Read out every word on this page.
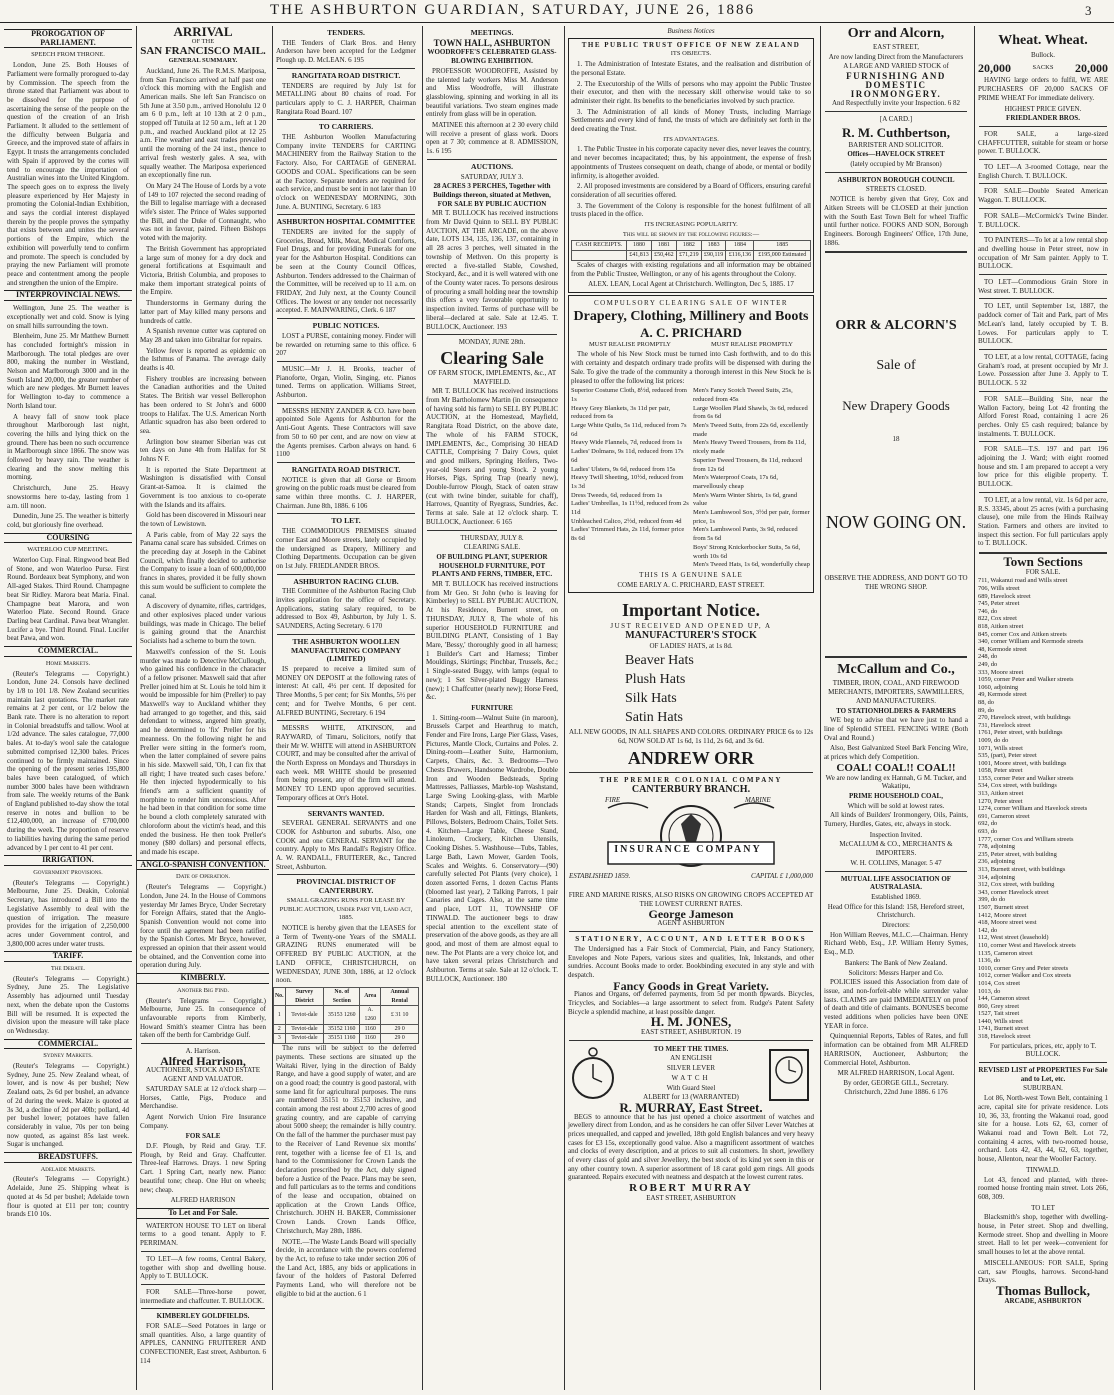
THE ASHBURTON GUARDIAN, SATURDAY, JUNE 26, 1886	3
PROROGATION OF PARLIAMENT.
SPEECH FROM THRONE.

London, June 25. Both Houses of Parliament were formally prorogued to-day by Commission. The speech from the throne stated that Parliament was about to be dissolved for the purpose of ascertaining the sense of the people on the question of the creation of an Irish Parliament. It alluded to the settlement of the difficulty between Bulgaria and Greece, and the improved state of affairs in Egypt. It trusts the arrangements concluded with Spain if approved by the cortes will tend to encourage the importation of Australian wines into the United Kingdom. The speech goes on to express the lively pleasure experienced by Her Majesty in promoting the Colonial-Indian Exhibition, and says the cordial interest displayed therein by the people proves the sympathy that exists between and unites the several portions of the Empire, which the exhibition will powerfully tend to confirm and promote. The speech is concluded by praying the new Parliament will promote peace and contentment among the people and strengthen the union of the Empire.

INTERPROVINCIAL NEWS.

Wellington, June 25. The weather is exceptionally wet and cold. Snow is lying on small hills surrounding the town.

Blenheim, June 25. Mr Matthew Burnett has concluded fortnight's mission in Marlborough. The total pledges are over 800, making the number in Westland, Nelson and Marlborough 3000 and in the South Island 20,000, the greater number of which are new pledges. Mr Burnett leaves for Wellington to-day to commence a North Island tour.

A heavy fall of snow took place throughout Marlborough last night, covering the hills and lying thick on the ground. There has been no such occurrence in Marlborough since 1866. The snow was followed by heavy rain. The weather is clearing and the snow melting this morning.

Christchurch, June 25. Heavy snowstorms here to-day, lasting from 1 a.m. till noon.

Dunedin, June 25. The weather is bitterly cold, but gloriously fine overhead.

COURSING
WATERLOO CUP MEETING.

Waterloo Cup. Final. Ringwood beat Bed of Stone, and won Waterloo Purse. First Round. Bordeaux beat Symphony, and won All-aged Stakes. Third Round. Champagne beat Sir Ridley. Marora beat Maria. Final. Champagne beat Marora, and won Waterloo Plate. Second Round. Grace Darling beat Cardinal. Pawa beat Wrangler. Lucifer a bye. Third Round. Final. Lucifer beat Pawa, and won.

COMMERCIAL.
Home Markets.

(Reuter's Telegrams — Copyright.) London, June 24. Consols have declined by 1/8 to 101 1/8. New Zealand securities maintain last quotations. The market rate remains at 2 per cent, or 1/2 below the Bank rate. There is no alteration to report in Colonial breadstuffs and tallow. Wool at 1/2d advance. The sales catalogue, 77,000 bales. At to-day's wool sale the catalogue submitted comprised 12,300 bales. Prices continued to be firmly maintained. Since the opening of the present series 195,800 bales have been catalogued, of which number 3000 bales have been withdrawn from sale. The weekly returns of the Bank of England published to-day show the total reserve in notes and bullion to be £12,400,000, an increase of £700,000 during the week. The proportion of reserve to liabilities having during the same period advanced by 1 per cent to 41 per cent.

IRRIGATION.
Government Provisions.

(Reuter's Telegrams — Copyright.) Melbourne, June 25. Deakin, Colonial Secretary, has introduced a Bill into the Legislative Assembly to deal with the question of irrigation. The measure provides for the irrigation of 2,250,000 acres under Government control, and 3,800,000 acres under water trusts.

TARIFF.
The Debate.

(Reuter's Telegrams — Copyright.) Sydney, June 25. The Legislative Assembly has adjourned until Tuesday next, when the debate upon the Customs Bill will be resumed. It is expected the division upon the measure will take place on Wednesday.

COMMERCIAL.
Sydney Markets.

(Reuter's Telegrams — Copyright.) Sydney, June 25. New Zealand wheat, of lower, and is now 4s per bushel; New Zealand oats, 2s 6d per bushel, an advance of 2d during the week. Maize is quoted at 3s 3d, a decline of 2d per 40lb; pollard, 4d per bushel lower; potatoes have fallen considerably in value, 70s per ton being now quoted, as against 85s last week. Sugar is unchanged.

BREADSTUFFS.
Adelaide Markets.

(Reuter's Telegrams — Copyright.) Adelaide, June 25. Shipping wheat is quoted at 4s 5d per bushel; Adelaide town flour is quoted at £11 per ton; country brands £10 10s.

ARRIVAL
OF THE
SAN FRANCISCO MAIL.
GENERAL SUMMARY.

Auckland, June 26. The R.M.S. Mariposa, from San Francisco arrived at half past one o'clock this morning with the English and American mails. She left San Francisco on 5th June at 3.50 p.m., arrived Honolulu 12 0 am 6 0 p.m., left at 10 13th at 2 0 p.m., stopped off Tutuila at 12 50 a.m., left at 1 20 p.m., and reached Auckland pilot at 12 25 a.m. Fine weather and east trades prevailed until the morning of the 24 inst., thence to arrival fresh westerly gales. A sea, with squally weather. The Mariposa experienced an exceptionally fine run.

On Mary 24 The House of Lords by a vote of 149 to 107 rejected the second reading of the Bill to legalise marriage with a deceased wife's sister. The Prince of Wales supported the Bill, and the Duke of Connaught, who was not in favour, paired. Fifteen Bishops voted with the majority.

The British Government has appropriated a large sum of money for a dry dock and general fortifications at Esquimault and Victoria, British Columbia, and proposes to make them important strategical points of the Empire.

Thunderstorms in Germany during the latter part of May killed many persons and hundreds of cattle.

A Spanish revenue cutter was captured on May 28 and taken into Gibraltar for repairs.

Yellow fever is reported as epidemic on the Isthmus of Panama. The average daily deaths is 40.

Fishery troubles are increasing between the Canadian authorities and the United States. The British war vessel Bellerophon has been ordered to St John's and 6000 troops to Halifax. The U.S. American North Atlantic squadron has also been ordered to sea.

Arlington bow steamer Siberian was cut ten days on June 4th from Halifax for St Johns N F.

It is reported the State Department at Washington is dissatisfied with Consul Grant-at-Samoa. It is claimed the Government is too anxious to co-operate with the Islands and its affairs.

Gold has been discovered in Missouri near the town of Lewistown.

A Paris cable, from of May 22 says the Panama canal scare has subsided. Crimes on the preceding day at Joseph in the Cabinet Council, which finally decided to authorise the Company to issue a loan of 600,000,000 francs in shares, provided it be fully shown this sum would be sufficient to complete the canal.

A discovery of dynamite, rifles, cartridges, and other explosives placed under various buildings, was made in Chicago. The belief is gaining ground that the Anarchist Socialists had a scheme to burn the town.

Maxwell's confession of the St. Louis murder was made to Detective McCullough, who gained his confidence in the character of a fellow prisoner. Maxwell said that after Preller joined him at St. Louis he told him it would be impossible for him (Preller) to pay Maxwell's way to Auckland whither they had arranged to go together, and this, said defendant to witness, angered him greatly, and he determined to 'fix' Preller for his meanness. On the following night he and Preller were sitting in the former's room, when the latter complained of severe pains in his side. Maxwell said, 'Oh, I can fix that all right; I have treated such cases before.' He then injected hypodermically to his friend's arm a sufficient quantity of morphine to render him unconscious. After he had been in that condition for some time he bound a cloth completely saturated with chloroform about the victim's head, and this ended the business. He then took Preller's money ($80 dollars) and personal effects, and made his escape.

ANGLO-SPANISH CONVENTION.
Date of Operation.

(Reuter's Telegrams — Copyright.) London, June 24. In the House of Commons yesterday Mr James Bryce, Under Secretary for Foreign Affairs, stated that the Anglo-Spanish Convention would not come into force until the agreement had been ratified by the Spanish Cortes. Mr Bryce, however, expressed an opinion that their assent would be obtained, and the Convention come into operation during July.

KIMBERLY.
Another Big Find.

(Reuter's Telegrams — Copyright.) Melbourne, June 25. In consequence of unfavourable reports from Kimberly, Howard Smith's steamer Cintra has been taken off the berth for Cambridge Gulf.

A. Harrison.
Alfred Harrison,
AUCTIONEER, STOCK AND ESTATE AGENT AND VALUATOR.

SATURDAY SALE at 12 o'clock sharp —Horses, Cattle, Pigs, Produce and Merchandise.

Agent Norwich Union Fire Insurance Company.

FOR SALE

D.F. Plough, by Reid and Gray. T.F. Plough, by Reid and Gray. Chaffcutter. Three-leaf Harrows. Drays. 1 new Spring Cart. 1 Spring Cart, nearly new. Piano: beautiful tone; cheap. One Hut on wheels; new; cheap.

ALFRED HARRISON
To Let and For Sale.

WATERTON HOUSE TO LET on liberal terms to a good tenant. Apply to F. PERRIMAN.

TO LET—A few rooms, Central Bakery, together with shop and dwelling house. Apply to T. BULLOCK.

FOR SALE—Three-horse power, intermediate and chaffcutter. T. BULLOCK.

KIMBERLEY GOLDFIELDS.

FOR SALE—Seed Potatoes in large or small quantities. Also, a large quantity of APPLES, CANNING FRUITERER AND CONFECTIONER, East street, Ashburton. 6 114

TENDERS.

THE Tenders of Clark Bros. and Henry Anderson have been accepted for the Ledgmer Plough up. D. McLEAN. 6 195

RANGITATA ROAD DISTRICT.

TENDERS are required by July 1st for METALLING about 80 chains of road. For particulars apply to C. J. HARPER, Chairman Rangitata Road Board. 107

TO CARRIERS.

THE Ashburton Woollen Manufacturing Company invite TENDERS for CARTING MACHINERY from the Railway Station to the Factory. Also, For CARTAGE of GENERAL GOODS and COAL. Specifications can be seen at the Factory. Separate tenders are required for each service, and must be sent in not later than 10 o'clock on WEDNESDAY MORNING, 30th June. A. BUNTING, Secretary. 6 183

ASHBURTON HOSPITAL COMMITTEE

TENDERS are invited for the supply of Groceries, Bread, Milk, Meat, Medical Comforts, Fuel Drugs, and for providing Funerals for one year for the Ashburton Hospital. Conditions can be seen at the County Council Offices, Ashburton. Tenders addressed to the Chairman of the Committee, will be received up to 11 a.m. on FRIDAY, 2nd July next, at the County Council Offices. The lowest or any tender not necessarily accepted. F. MAINWARING, Clerk. 6 187

PUBLIC NOTICES.

LOST a PURSE, containing money. Finder will be rewarded on returning same to this office. 6 207

MUSIC—Mr J. H. Brooks, teacher of Pianoforte, Organ, Violin, Singing, etc. Pianos tuned. Terms on application. Williams Street, Ashburton.

MESSRS HENRY ZANDER & CO. have been appointed Sole Agents for Ashburton for the Anti-Gout Agents. These Contractors will save from 50 to 60 per cent, and are now on view at the Agents premises. Carbon always on hand. 6 1100

RANGITATA ROAD DISTRICT.

NOTICE is given that all Gorse or Broom growing on the public roads must be cleared from same within three months. C. J. HARPER, Chairman. June 8th, 1886. 6 106

TO LET.

THE COMMODIOUS PREMISES situated corner East and Moore streets, lately occupied by the undersigned as Drapery, Millinery and Clothing Departments. Occupation can be given on 1st July. FRIEDLANDER BROS.

ASHBURTON RACING CLUB.

THE Committee of the Ashburton Racing Club invites application for the office of Secretary. Applications, stating salary required, to be addressed to Box 49, Ashburton, by July 1. S. SAUNDERS, Acting Secretary. 6 170

THE ASHBURTON WOOLLEN MANUFACTURING COMPANY (LIMITED)

IS prepared to receive a limited sum of MONEY ON DEPOSIT at the following rates of interest: At call, 4½ per cent. If deposited for Three Months, 5 per cent; for Six Months, 5½ per cent; and for Twelve Months, 6 per cent. ALFRED BUNTING, Secretary. 6 194

MESSRS WHITE, ATKINSON, and RAYWARD, of Timaru, Solicitors, notify that their Mr W. WHITE will attend in ASHBURTON COURT, and may be consulted after the arrival of the North Express on Mondays and Thursdays in each week. MR WHITE should be presented from being present, any of the firm will attend. MONEY TO LEND upon approved securities. Temporary offices at Orr's Hotel.

SERVANTS WANTED.

SEVERAL GENERAL SERVANTS and one COOK for Ashburton and suburbs. Also, one COOK and one GENERAL SERVANT for the country. Apply to Mrs Randall's Registry Office. A. W. RANDALL, FRUITERER, &c., Tancred Street, Ashburton.

PROVINCIAL DISTRICT OF CANTERBURY.
SMALL GRAZING RUNS FOR LEASE BY PUBLIC AUCTION, Under Part VII, Land Act, 1885.

NOTICE is hereby given that the LEASES for a Term of Twenty-one Years of the SMALL GRAZING RUNS enumerated will be OFFERED BY PUBLIC AUCTION, at the LAND OFFICE, CHRISTCHURCH, on WEDNESDAY, JUNE 30th, 1886, at 12 o'clock noon.

No.	Survey District	No. of Section	Area	Annual Rental
1	Teviot-dale	35153 1260	A. 1260	£ 31 10
2	Teviot-dale	35152 1160	1160	29 0
3	Teviot-dale	35151 1160	1160	29 0

The runs will be subject to the deferred payments. These sections are situated up the Waitaki River, lying in the direction of Baldy Range, and have a good supply of water, and are on a good road; the country is good pastoral, with some land fit for agricultural purposes. The runs are numbered 35151 to 35153 inclusive, and contain among the rest about 2,700 acres of good grazing country, and are capable of carrying about 5000 sheep; the remainder is hilly country. On the fall of the hammer the purchaser must pay to the Receiver of Land Revenue six months' rent, together with a license fee of £1 1s, and hand to the Commissioner for Crown Lands the declaration prescribed by the Act, duly signed before a Justice of the Peace. Plans may be seen, and full particulars as to the terms and conditions of the lease and occupation, obtained on application at the Crown Lands Office, Christchurch. JOHN H. BAKER, Commissioner Crown Lands. Crown Lands Office, Christchurch, May 28th, 1886.

NOTE.—The Waste Lands Board will specially decide, in accordance with the powers conferred by the Act, to refuse to take under section 206 of the Land Act, 1885, any bids or applications in favour of the holders of Pastoral Deferred Payments Land, who will therefore not be eligible to bid at the auction. 6 1

MEETINGS.
TOWN HALL, ASHBURTON
WOODROFFE'S CELEBRATED GLASS-BLOWING EXHIBITION.

PROFESSOR WOODROFFE, Assisted by the talented lady workers Miss M. Anderson and Miss Woodroffe, will illustrate glassblowing, spinning and working in all its beautiful variations. Two steam engines made entirely from glass will be in operation.

MATINEE this afternoon at 2 30 every child will receive a present of glass work. Doors open at 7 30; commence at 8. ADMISSION, 1s. 6 195

AUCTIONS.
SATURDAY, JULY 3.
28 ACRES 3 PERCHES, Together with Buildings thereon, situated at Methven, FOR SALE BY PUBLIC AUCTION

MR T. BULLOCK has received instructions from Mr David Quinn to SELL BY PUBLIC AUCTION, AT THE ARCADE, on the above date, LOTS 134, 135, 136, 137, containing in all 28 acres 3 perches, well situated in the township of Methven. On this property is erected a five-stalled Stable, Cowshed, Stockyard, &c., and it is well watered with one of the County water races. To persons desirous of procuring a small holding near the township this offers a very favourable opportunity to inspection invited. Terms of purchase will be liberal—declared at sale. Sale at 12.45. T. BULLOCK, Auctioneer. 193

MONDAY, JUNE 28th.
Clearing Sale
OF FARM STOCK, IMPLEMENTS, &c., AT MAYFIELD.

MR T. BULLOCK has received instructions from Mr Bartholomew Martin (in consequence of having sold his farm) to SELL BY PUBLIC AUCTION, at the Homestead, Mayfield, Rangitata Road District, on the above date, The whole of his FARM STOCK, IMPLEMENTS, &c., Comprising 30 HEAD CATTLE, Comprising 7 Dairy Cows, quiet and good milkers, Springing Heifers, Two-year-old Steers and young Stock. 2 young Horses, Pigs, Spring Trap (nearly new), Double-furrow Plough, Stack of oaten straw (cut with twine binder, suitable for chaff), Harrows, Quantity of Ryegrass, Sundries, &c. Terms at sale. Sale at 12 o'clock sharp. T. BULLOCK, Auctioneer. 6 165

THURSDAY, JULY 8.
CLEARING SALE.
OF BUILDING PLANT, SUPERIOR HOUSEHOLD FURNITURE, POT PLANTS AND FERNS, TIMBER, ETC.

MR T. BULLOCK has received instructions from Mr Geo. St John (who is leaving for Kimberley) to SELL BY PUBLIC AUCTION, At his Residence, Burnett street, on THURSDAY, JULY 8, The whole of his superior HOUSEHOLD FURNITURE and BUILDING PLANT, Consisting of 1 Bay Mare, 'Bessy,' thoroughly good in all harness; 1 Builder's Cart and Harness; Timber Mouldings, Skirtings; Pinchbar, Trussels, &c.; 1 Single-seated Buggy, with lamps (equal to new); 1 Set Silver-plated Buggy Harness (new); 1 Chaffcutter (nearly new); Horse Feed, &c.

FURNITURE

1. Sitting-room—Walnut Suite (in maroon), Brussels Carpet and Hearthrug to match, Fender and Fire Irons, Large Pier Glass, Vases, Pictures, Mantle Clock, Curtains and Poles. 2. Dining-room—Leather Suite, Harmonium, Carpets, Chairs, &c. 3. Bedrooms—Two Chests Drawers, Handsome Wardrobe, Double Iron and Wooden Bedsteads, Spring Mattresses, Palliasses, Marble-top Washstand, Large Swing Looking-glass, with Marble Stands; Carpets, Singlet from Ironclads Harden for Wash and all, Fittings, Blankets, Pillows, Bolsters, Bedroom Chairs, Toilet Sets. 4. Kitchen—Large Table, Cheese Stand, Linoleum, Crockery, Kitchen Utensils, Cooking Dishes. 5. Washhouse—Tubs, Tables, Large Bath, Lawn Mower, Garden Tools, Scales and Weights. 6. Conservatory—(90) carefully selected Pot Plants (very choice), 1 dozen assorted Ferns, 1 dozen Cactus Plants (bloomed last year), 2 Talking Parrots, 1 pair Canaries and Cages. Also, at the same time and place, LOT 11, TOWNSHIP OF TINWALD. The auctioneer begs to draw special attention to the excellent state of preservation of the above goods, as they are all good, and most of them are almost equal to new. The Pot Plants are a very choice lot, and have taken several prizes Christchurch and Ashburton. Terms at sale. Sale at 12 o'clock. T. BULLOCK, Auctioneer. 180

Business Notices
THE PUBLIC TRUST OFFICE OF NEW ZEALAND
ITS OBJECTS.

1. The Administration of Intestate Estates, and the realisation and distribution of the personal Estate.

2. The Executorship of the Wills of persons who may appoint the Public Trustee their executor, and then with the necessary skill otherwise would take to so administer their right. Its benefits to the beneficiaries involved by such practice.

3. The Administration of all kinds of Money Trusts, including Marriage Settlements and every kind of fund, the trusts of which are definitely set forth in the deed creating the Trust.

ITS ADVANTAGES.

1. The Public Trustee in his corporate capacity never dies, never leaves the country, and never becomes incapacitated; thus, by his appointment, the expense of fresh appointments of Trustees consequent on death, change of abode, or mental or bodily infirmity, is altogether avoided.

2. All proposed investments are considered by a Board of Officers, ensuring careful consideration of all securities offered.

3. The Government of the Colony is responsible for the honest fulfilment of all trusts placed in the office.

ITS INCREASING POPULARITY.
This will be shown by the following figures:—
CASH RECEIPTS.	1880	1881	1882	1883	1884	1885
	£41,813	£50,462	£71,219	£90,119	£116,136	£195,000 Estimated

Scales of charges with existing regulations and all information may be obtained from the Public Trustee, Wellington, or any of his agents throughout the Colony.

ALEX. LEAN, Local Agent at Christchurch. Wellington, Dec 5, 1885. 17
COMPULSORY CLEARING SALE OF WINTER
Drapery, Clothing, Millinery and Boots
A. C. PRICHARD
MUST REALISE PROMPTLY	MUST REALISE PROMPTLY

The whole of his New Stock must be turned into Cash forthwith, and to do this with certainty and despatch ordinary trade profits will be dispensed with during the Sale. To give the trade of the community a thorough interest in this New Stock he is pleased to offer the following list prices:

Superior Costume Cloth, 8½d, reduced from 1s
Heavy Grey Blankets, 3s 11d per pair, reduced from 6s
Large White Quilts, 5s 11d, reduced from 7s 6d
Heavy Wide Flannels, 7d, reduced from 1s
Ladies' Dolmans, 9s 11d, reduced from 17s 6d
Ladies' Ulsters, 9s 6d, reduced from 15s
Heavy Twill Sheeting, 10½d, reduced from 1s 3d
Dress Tweeds, 6d, reduced from 1s
Ladies' Umbrellas, 1s 11½d, reduced from 2s 11d
Unbleached Calico, 2½d, reduced from 4d
Ladies' Trimmed Hats, 2s 11d, former price 8s 6d
Men's Fancy Scotch Tweed Suits, 25s, reduced from 45s
Large Woollen Plaid Shawls, 3s 6d, reduced from 6s 6d
Men's Tweed Suits, from 22s 6d, excellently made
Men's Heavy Tweed Trousers, from 8s 11d, nicely made
Superior Tweed Trousers, 8s 11d, reduced from 12s 6d
Men's Waterproof Coats, 17s 6d, marvellously cheap
Men's Warm Winter Shirts, 1s 6d, grand value
Men's Lambswool Sox, 3½d per pair, former price, 1s
Men's Lambswool Pants, 3s 9d, reduced from 5s 6d
Boys' Strong Knickerbocker Suits, 5s 6d, worth 10s 6d
Men's Tweed Hats, 1s 6d, wonderfully cheap
THIS IS A GENUINE SALE
COME EARLY A. C. PRICHARD, EAST STREET.
Important Notice.
JUST RECEIVED AND OPENED UP, A
MANUFACTURER'S STOCK
OF LADIES' HATS, at 1s 8d.
Beaver Hats
Plush Hats
Silk Hats
Satin Hats
ALL NEW GOODS, IN ALL SHAPES AND COLORS. ORDINARY PRICE 6s to 12s 6d, NOW SOLD AT 1s 6d, 1s 11d, 2s 6d, and 3s 6d.
ANDREW ORR
THE PREMIER COLONIAL COMPANY
CANTERBURY BRANCH.
FIRE	MARINE
INSURANCE COMPANY
ESTABLISHED 1859.	CAPITAL £ 1,000,000
FIRE AND MARINE RISKS, ALSO RISKS ON GROWING CROPS ACCEPTED AT THE LOWEST CURRENT RATES.
George Jameson
AGENT ASHBURTON
STATIONERY, ACCOUNT, AND LETTER BOOKS

The Undersigned has a Fair Stock of Commercial, Plain, and Fancy Stationery, Envelopes and Note Papers, various sizes and qualities, Ink, Inkstands, and other sundries. Account Books made to order. Bookbinding executed in any style and with despatch.

Fancy Goods in Great Variety.

Pianos and Organs, on deferred payments, from 5d per month upwards. Bicycles, Tricycles, and Sociables—a large assortment to select from. Rudge's Patent Safety Bicycle a splendid machine, at least possible danger.

H. M. JONES,
EAST STREET, ASHBURTON. 19
TO MEET THE TIMES.
AN ENGLISH
SILVER LEVER
WATCH
With Guard Steel
ALBERT for 13 (WARRANTED)
R. MURRAY, East Street.

BEGS to announce that he has just opened a choice assortment of watches and jewellery direct from London, and as he considers he can offer Silver Lever Watches at prices unequalled, and capped and jewelled, 18th gold English balances and very heavy cases for £3 15s, exceptionally good value. Also a magnificent assortment of watches and clocks of every description, and at prices to suit all customers. In short, jewellery of every class of gold and silver Jewellery, the best stock of its kind yet seen in this or any other country town. A superior assortment of 18 carat gold gem rings. All goods guaranteed. Repairs executed with neatness and despatch at the lowest current rates.

ROBERT MURRAY
EAST STREET, ASHBURTON
Orr and Alcorn,
EAST STREET,
Are now landing Direct from the Manufacturers
A LARGE AND VARIED STOCK of
FURNISHING AND DOMESTIC IRONMONGERY.
And Respectfully invite your Inspection. 6 82
[A CARD.]
R. M. Cuthbertson,
BARRISTER AND SOLICITOR.
Offices—HAVELOCK STREET
(lately occupied by Mr Branson)
ASHBURTON BOROUGH COUNCIL
STREETS CLOSED.

NOTICE is hereby given that Grey, Cox and Aitken Streets will be CLOSED at their junction with the South East Town Belt for wheel Traffic until further notice. FOOKS AND SON, Borough Engineers. Borough Engineers' Office, 17th June, 1886.

ORR & ALCORN'S
Sale of
New Drapery Goods
18
NOW GOING ON.
OBSERVE THE ADDRESS, AND DON'T GO TO THE WRONG SHOP.
McCallum and Co.,
TIMBER, IRON, COAL, AND FIREWOOD MERCHANTS, IMPORTERS, SAWMILLERS, AND MANUFACTURERS.
TO STATIONHOLDERS & FARMERS

WE beg to advise that we have just to hand a line of Splendid STEEL FENCING WIRE (Both Oval and Round.)

Also, Best Galvanized Steel Bark Fencing Wire, at prices which defy Competition.

COAL! COAL!! COAL!!
We are now landing ex Hannah, G M. Tucker, and Wakatipu,
PRIME HOUSEHOLD COAL,
Which will be sold at lowest rates.

All kinds of Builders' Ironmongery, Oils, Paints, Turnery, Hurdles, Gates, etc, always in stock.

Inspection Invited.
McCALLUM & CO., MERCHANTS & IMPORTERS.
W. H. COLLINS, Manager. 5 47
MUTUAL LIFE ASSOCIATION OF AUSTRALASIA.
Established 1869.
Head Office for this Island: 158, Hereford street, Christchurch.
Directors:

Hon William Reeves, M.L.C.—Chairman. Henry Richard Webb, Esq., J.P. William Henry Symes, Esq., M.D.

Bankers: The Bank of New Zealand.
Solicitors: Messrs Harper and Co.

POLICIES issued this Association from date of issue, and non-forfeit-able while surrender value lasts. CLAIMS are paid IMMEDIATELY on proof of death and title of claimants. BONUSES become vested additions when policies have been ONE YEAR in force.

Quinquennial Reports, Tables of Rates, and full information can be obtained from MR ALFRED HARRISON, Auctioneer, Ashburton; the Commercial Hotel, Ashburton.

MR ALFRED HARRISON, Local Agent.
By order, GEORGE GILL, Secretary. Christchurch, 22nd June 1886. 6 176
Wheat. Wheat.
Bullock.
20,000	SACKS 20,000

HAVING large orders to fulfil, WE ARE PURCHASERS OF 20,000 SACKS OF PRIME WHEAT For immediate delivery.

HIGHEST PRICE GIVEN.
FRIEDLANDER BROS.

FOR SALE, a large-sized CHAFFCUTTER, suitable for steam or horse power. T. BULLOCK.

TO LET—A 3-roomed Cottage, near the English Church. T. BULLOCK.

FOR SALE—Double Seated American Waggon. T. BULLOCK.

FOR SALE—McCormick's Twine Binder. T. BULLOCK.

TO PAINTERS—To let at a low rental shop and dwelling house in Peter street, now in occupation of Mr Sam painter. Apply to T. BULLOCK.

TO LET—Commodious Grain Store in West street. T. BULLOCK.

TO LET, until September 1st, 1887, the paddock corner of Tait and Park, part of Mrs McLean's land, lately occupied by T. B. Lowes. For particulars apply to T. BULLOCK.

TO LET, at a low rental, COTTAGE, facing Graham's road, at present occupied by Mr J. Lowe. Possession after June 3. Apply to T. BULLOCK. 5 32

FOR SALE—Building Site, near the Wallon Factory, being Lot 42 fronting the Alford Forest Road, containing 1 acre 26 perches. Only £5 cash required; balance by instalments. T. BULLOCK.

FOR SALE—T.S. 197 and part 196 adjoining the J. Ward; with eight roomed house and stn. I am prepared to accept a very low price for this eligible property. T. BULLOCK.

TO LET, at a low rental, viz. 1s 6d per acre, R.S. 33345, about 25 acres (with a purchasing clause), one mile from the Hinds Railway Station. Farmers and others are invited to inspect this section. For full particulars apply to T. BULLOCK.

Town Sections
FOR SALE.
711, Wakanui road and Wills street
706, Wills street
689, Havelock street
745, Peter street
746, do
822, Cox street
818, Aitken street
845, corner Cox and Aitken streets
340, corner William and Kermode streets
48, Kermode street
248, do
249, do
333, Moore street
1059, corner Peter and Walker streets
1060, adjoining
49, Kermode street
88, do
89, do
270, Havelock street, with buildings
731, Havelock street
1761, Peter street, with buildings
1009, do do
1071, Wills street
535, (part), Peter street
1001, Moore street, with buildings
1058, Peter street
1353, corner Peter and Walker streets
534, Cox street, with buildings
313, Aitken street
1270, Peter street
1274, corner William and Havelock streets
691, Cameron street
692, do
693, do
1777, corner Cox and William streets
778, adjoining
235, Peter street, with building
236, adjoining
313, Burnett street, with buildings
314, adjoining
312, Cox street, with building
343, corner Havelock street
399, do do
1507, Burnett street
1412, Moore street
418, Moore street west
142, do
112, West street (leasehold)
110, corner West and Havelock streets
1135, Cameron street
1136, do
1010, corner Grey and Peter streets
1012, corner Walker and Cox streets
1014, Cox street
1013, do
144, Cameron street
860, Grey street
1527, Tait street
1440, Wills street
1741, Burnett street
318, Havelock street
For particulars, prices, etc, apply to T. BULLOCK.
REVISED LIST of PROPERTIES For Sale and to Let, etc.
SUBURBAN.

Lot 86, North-west Town Belt, containing 1 acre, capital site for private residence. Lots 10, 36, 33, fronting the Wakanui road, good site for a house. Lots 62, 63, corner of Wakanui road and Town Belt. Lot 72, containing 4 acres, with two-roomed house, orchard. Lots 42, 43, 44, 62, 63, together, house, Allenton, near the Wooller Factory.

TINWALD.

Lot 43, fenced and planted, with three-roomed house fronting main street. Lots 266, 608, 309.

TO LET

Blacksmith's shop, together with dwelling-house, in Peter street. Shop and dwelling, Kermode street. Shop and dwelling in Moore street. Hall to let per week—convenient for small houses to let at the above rental.

MISCELLANEOUS: FOR SALE, Spring cart, saw Ploughs, harrows. Second-hand Drays.

Thomas Bullock,
ARCADE, ASHBURTON
